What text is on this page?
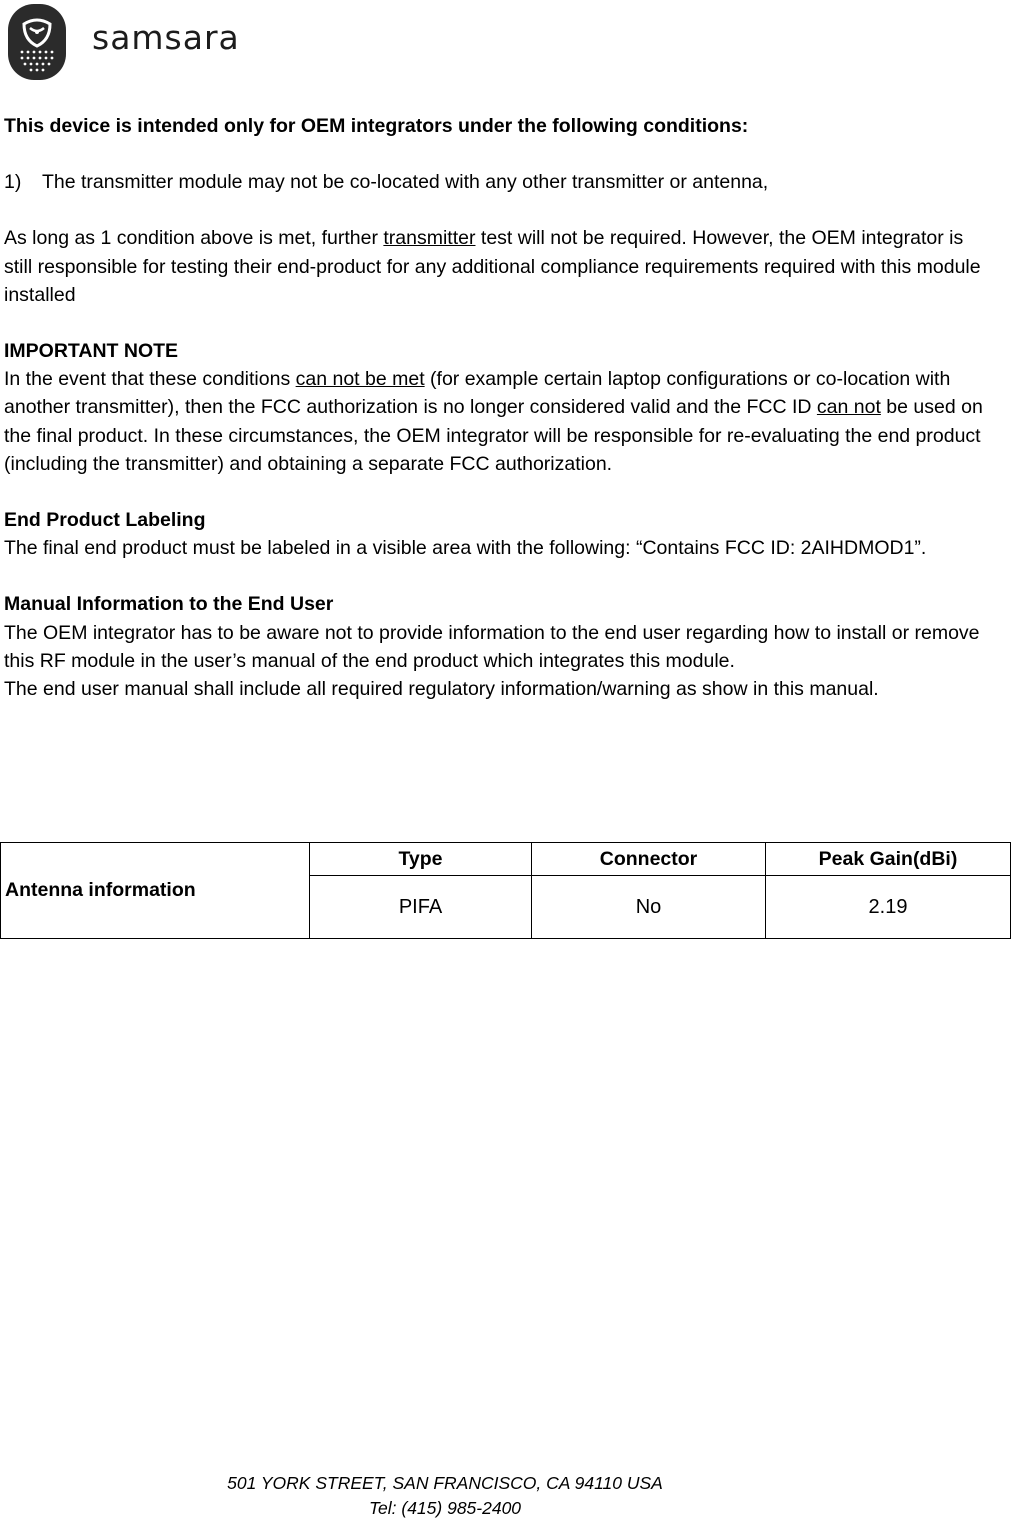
samsara

This device is intended only for OEM integrators under the following conditions:

1) The transmitter module may not be co-located with any other transmitter or antenna,

As long as 1 condition above is met, further transmitter test will not be required. However, the OEM integrator is still responsible for testing their end-product for any additional compliance requirements required with this module installed

IMPORTANT NOTE

In the event that these conditions can not be met (for example certain laptop configurations or co-location with another transmitter), then the FCC authorization is no longer considered valid and the FCC ID can not be used on the final product. In these circumstances, the OEM integrator will be responsible for re-evaluating the end product (including the transmitter) and obtaining a separate FCC authorization.

End Product Labeling

The final end product must be labeled in a visible area with the following: “Contains FCC ID: 2AIHDMOD1”.

Manual Information to the End User

The OEM integrator has to be aware not to provide information to the end user regarding how to install or remove this RF module in the user’s manual of the end product which integrates this module.

The end user manual shall include all required regulatory information/warning as show in this manual.

Antenna information	Type	Connector	Peak Gain(dBi)
	PIFA	No	2.19
501 YORK STREET, SAN FRANCISCO, CA 94110 USA
Tel: (415) 985-2400
